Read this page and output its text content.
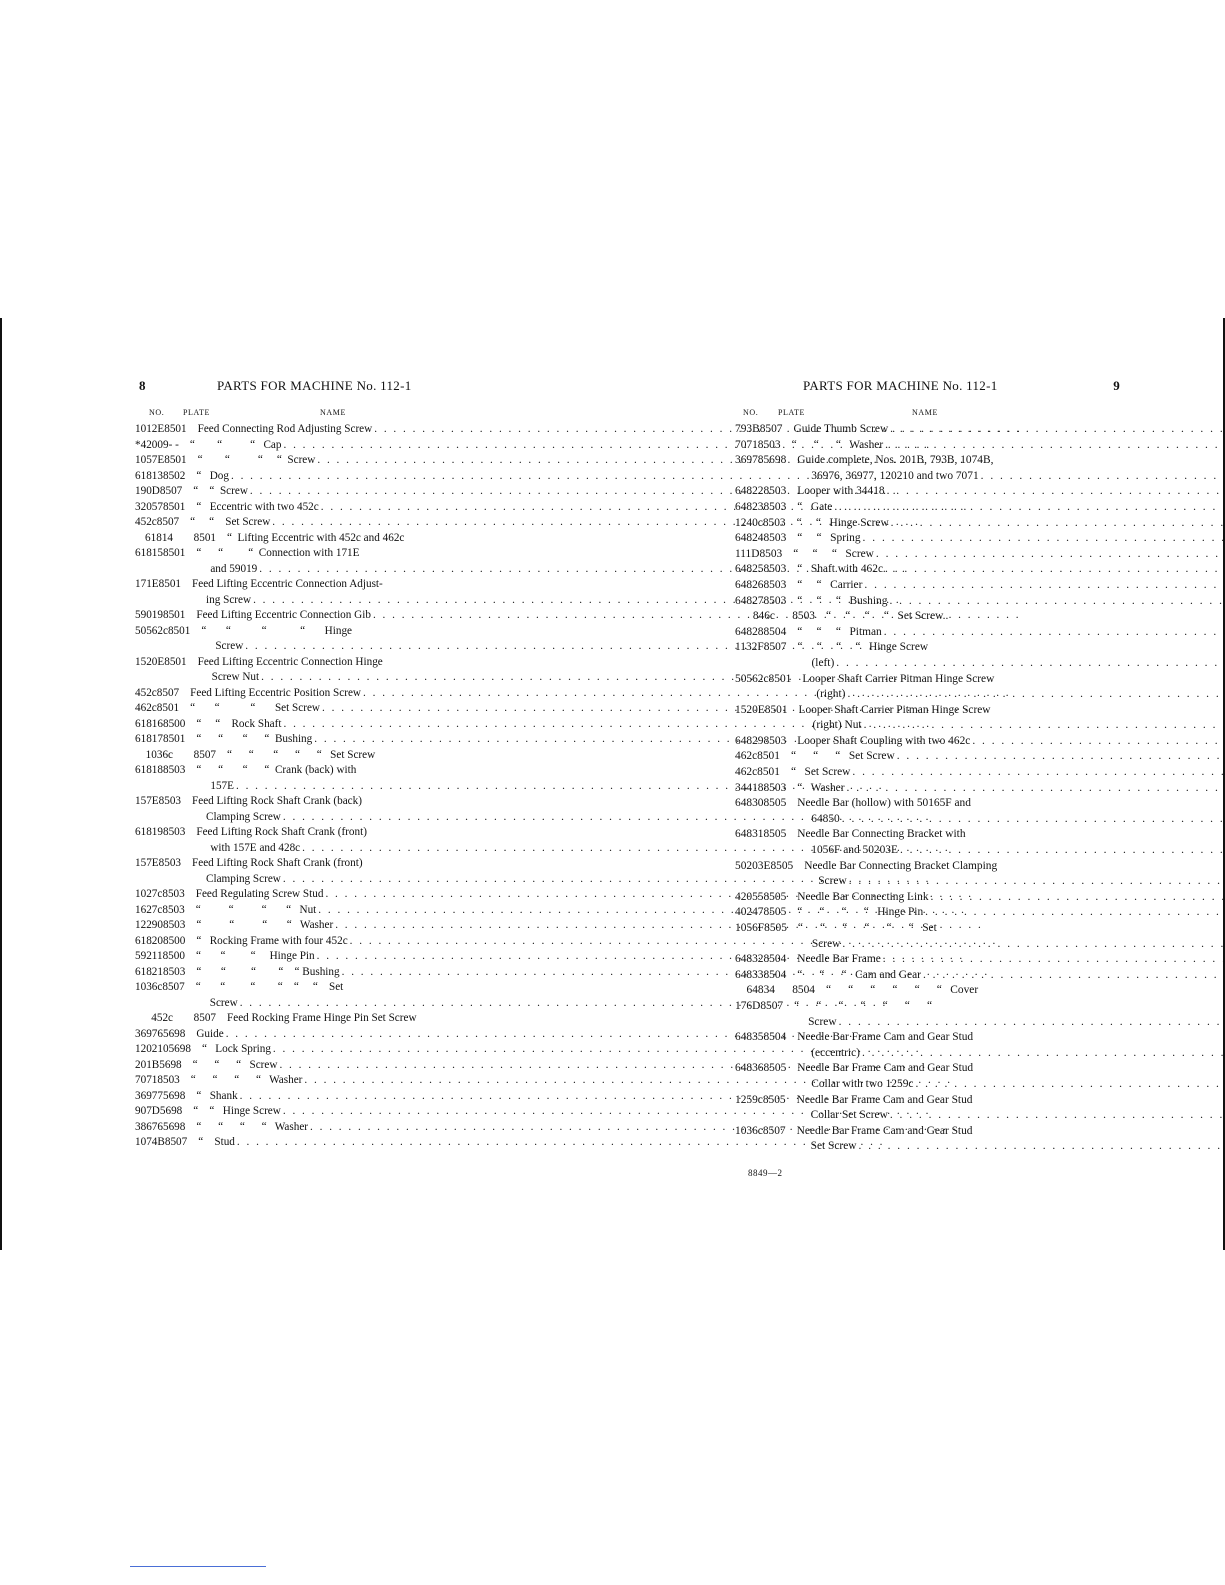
8	PARTS FOR MACHINE No. 112-1
NO. PLATE	NAME
1012E 8501 Feed Connecting Rod Adjusting Screw
. . .
*42009 - - “        “          “   Cap
. . .
1057E 8501 “        “          “     “  Screw
. . .
61813 8502 “   Dog
. . .
190D 8507 “    “  Screw
. . .
32057 8501 “   Eccentric with two 452c
. . .
452c 8507 “     “    Set Screw
. . .
61814	8501 “  Lifting Eccentric with 452c and 462c
61815 8501 “      “         “  Connection with 171E
and 59019
. . .
171E 8501 Feed Lifting Eccentric Connection Adjust-
ing Screw
. . .
59019 8501 Feed Lifting Eccentric Connection Gib
. . .
50562c 8501 “       “           “            “       Hinge
Screw
. . .
1520E 8501 Feed Lifting Eccentric Connection Hinge
Screw Nut
. . .
452c 8507 Feed Lifting Eccentric Position Screw
. . .
462c 8501 “       “           “       Set Screw
. . .
61816 8500 “     “    Rock Shaft
. . .
61817 8501 “      “       “      “  Bushing
. . .
1036c	8507 “      “       “      “      “   Set Screw
61818 8503 “      “       “      “  Crank (back) with
157E
. . .
157E 8503 Feed Lifting Rock Shaft Crank (back)
Clamping Screw
. . .
61819 8503 Feed Lifting Rock Shaft Crank (front)
with 157E and 428c
. . .
157E 8503 Feed Lifting Rock Shaft Crank (front)
Clamping Screw
. . .
1027c 8503 Feed Regulating Screw Stud
. . .
1627c 8503 “          “          “       “   Nut
. . .
12290 8503 “          “          “       “   Washer
. . .
61820 8500 “   Rocking Frame with four 452c
. . .
59211 8500 “       “         “     Hinge Pin
. . .
61821 8503 “       “         “        “    “ Bushing
. . .
1036c 8507 “       “         “        “    “     “    Set
Screw
. . .
452c	8507 Feed Rocking Frame Hinge Pin Set Screw
36976 5698 Guide
. . .
120210 5698 “   Lock Spring
. . .
201B 5698 “      “      “   Screw
. . .
7071 8503 “      “      “      “   Washer
. . .
36977 5698 “   Shank
. . .
907D 5698 “    “   Hinge Screw
. . .
38676 5698 “      “      “      “   Washer
. . .
1074B 8507 “    Stud
. . .
PARTS FOR MACHINE No. 112-1	9
NO. PLATE	NAME
793B 8507 Guide Thumb Screw
. . .
7071 8503 “      “      “   Washer
. . .
36978 5698 Guide complete, Nos. 201B, 793B, 1074B,
36976, 36977, 120210 and two 7071
. . .
64822 8503 Looper with 34418
. . .
64823 8503 “   Gate
. . .
1240c 8503 “     “   Hinge Screw
. . .
64824 8503 “     “   Spring
. . .
111D 8503 “     “     “   Screw
. . .
64825 8503 “   Shaft with 462c
. . .
64826 8503 “     “   Carrier
. . .
64827 8503 “     “     “   Bushing
. . .
846c	8503 “     “     “     “   Set Screw..
64828 8504 “     “     “   Pitman
. . .
1132F 8507 “     “     “     “   Hinge Screw
(left)
. . .
50562c 8501 Looper Shaft Carrier Pitman Hinge Screw
(right)
. . .
1520E 8501 Looper Shaft Carrier Pitman Hinge Screw
(right) Nut
. . .
64829 8503 Looper Shaft Coupling with two 462c
. . .
462c 8501 “      “      “   Set Screw
. . .
462c 8501 “   Set Screw
. . .
34418 8503 “   Washer
. . .
64830 8505 Needle Bar (hollow) with 50165F and
64850
. . .
64831 8505 Needle Bar Connecting Bracket with
1056F and 50203E
. . .
50203E 8505 Needle Bar Connecting Bracket Clamping
Screw
. . .
42055 8505 Needle Bar Connecting Link
. . .
40247 8505 “      “      “      “   Hinge Pin
. . .
1056F 8505 “      “      “      “      “      “   Set
Screw
. . .
64832 8504 Needle Bar Frame
. . .
64833 8504 “      “      “   Cam and Gear
. . .
64834	8504 “      “      “      “      “      “   Cover
176D 8507 “      “      “      “      “      “      “
Screw
. . .
64835 8504 Needle Bar Frame Cam and Gear Stud
(eccentric)
. . .
64836 8505 Needle Bar Frame Cam and Gear Stud
Collar with two 1259c
. . .
1259c 8505 Needle Bar Frame Cam and Gear Stud
Collar Set Screw
. . .
1036c 8507 Needle Bar Frame Cam and Gear Stud
Set Screw
. . .
8849—2
